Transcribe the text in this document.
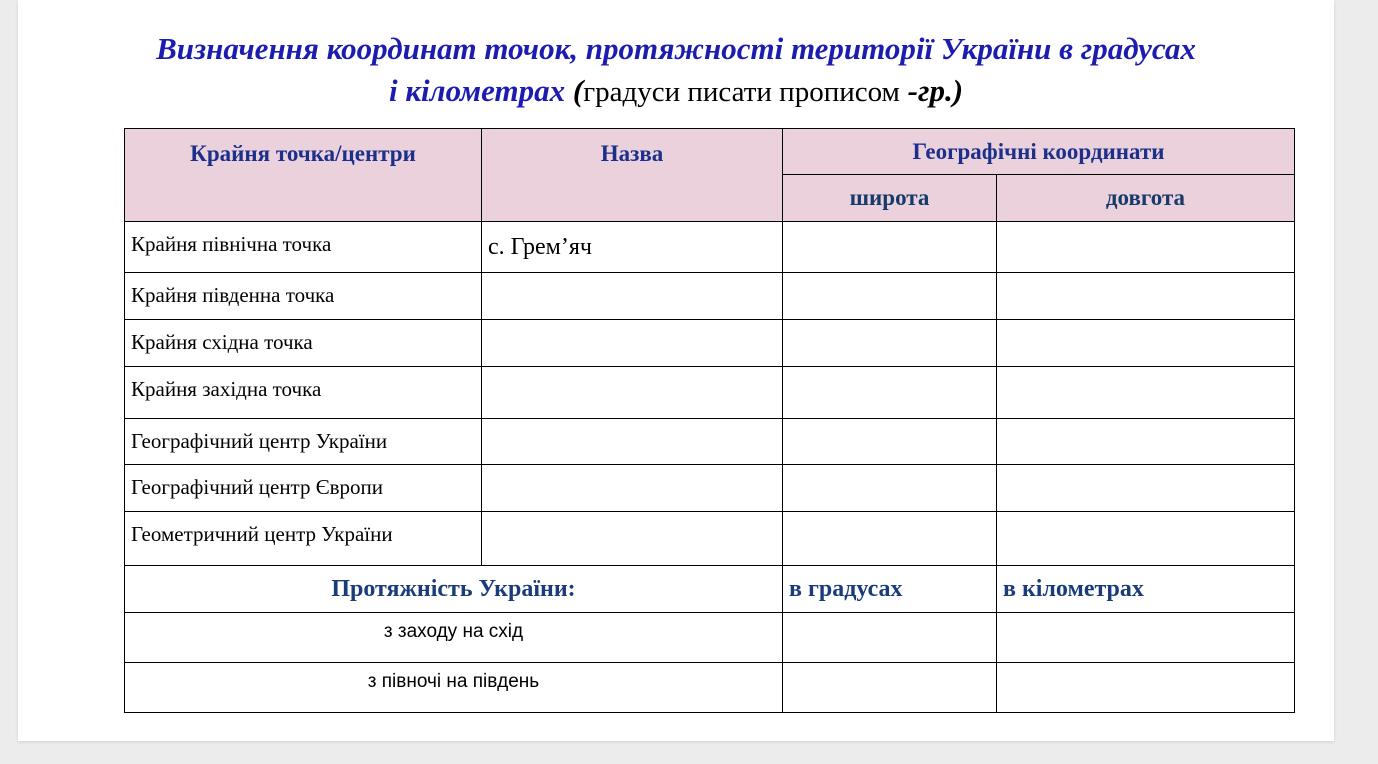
Визначення координат точок, протяжності території України в градусах
і кілометрах (градуси писати прописом -гр.)
Крайня точка/центри	Назва	Географічні координати	
		широта	довгота
Крайня північна точка	с. Грем’яч		
Крайня південна точка			
Крайня східна точка			
Крайня західна точка			
Географічний центр України			
Географічний центр Європи			
Геометричний центр України			
Протяжність України:		в градусах	в кілометрах
з заходу на схід			
з півночі на південь			
